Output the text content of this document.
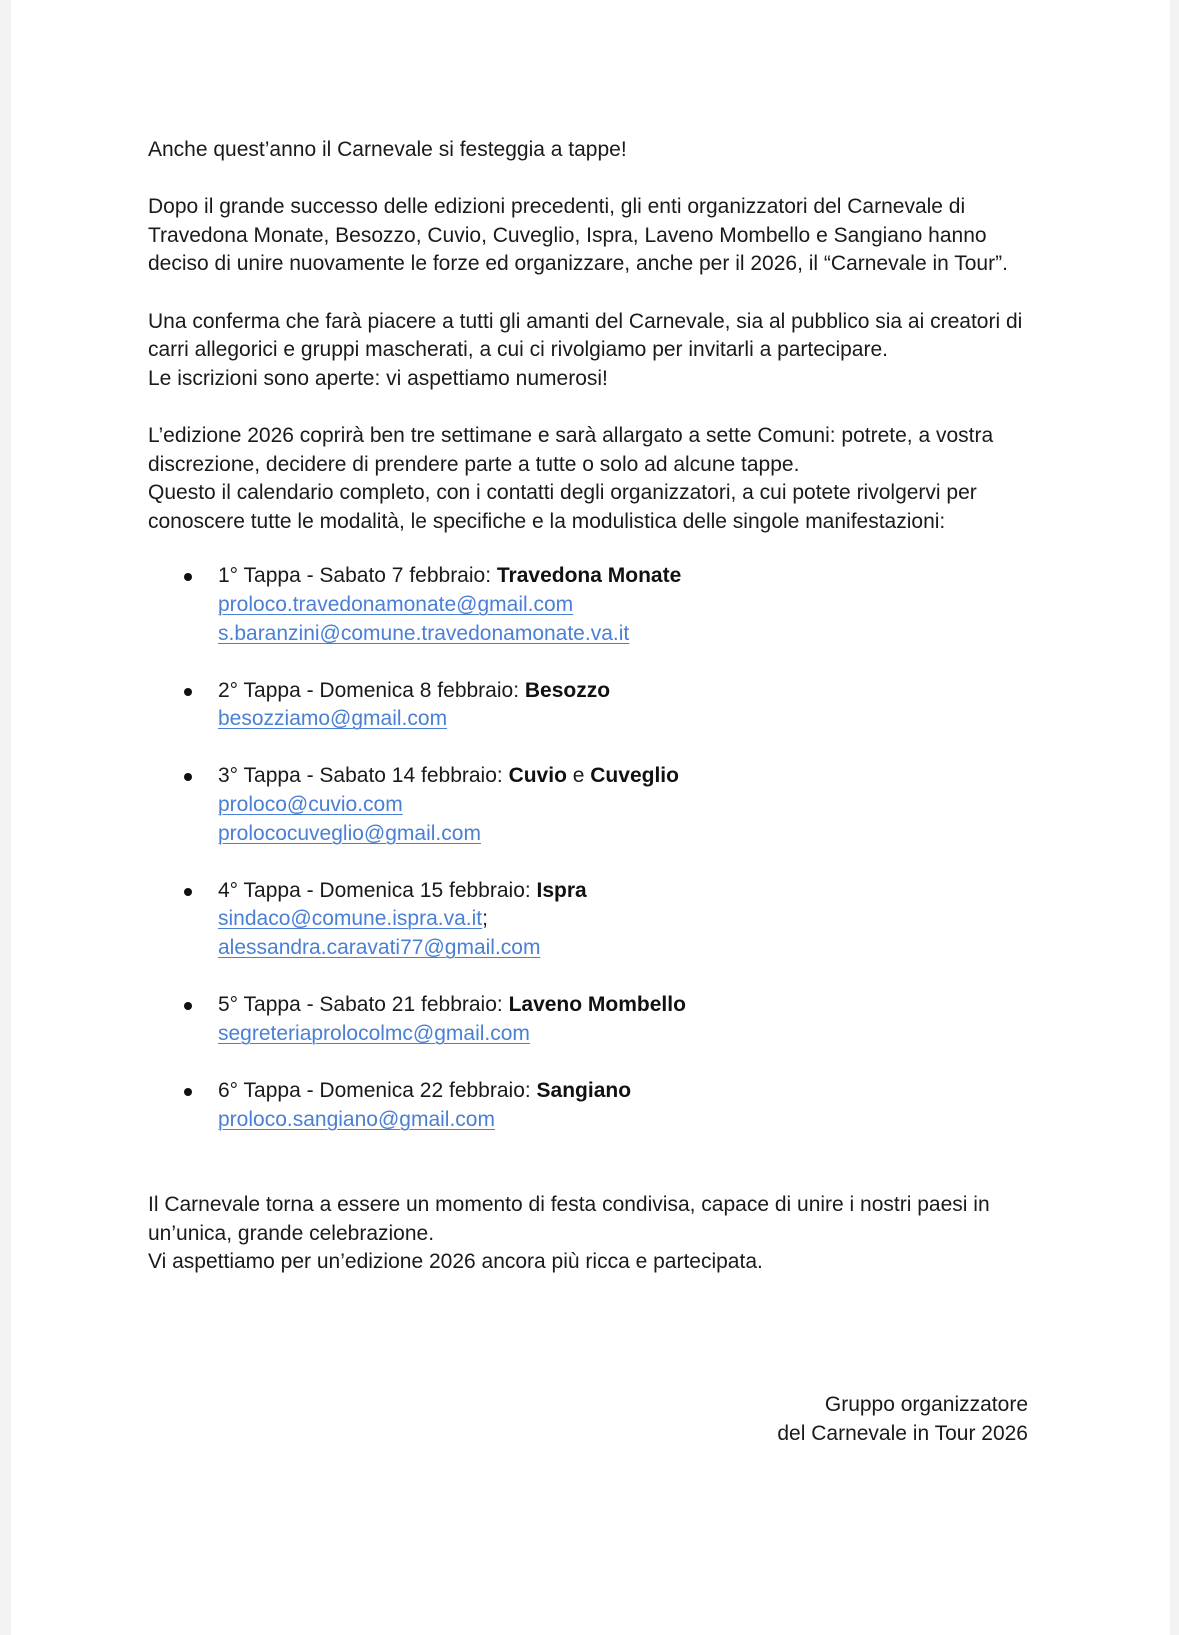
Anche quest’anno il Carnevale si festeggia a tappe!

Dopo il grande successo delle edizioni precedenti, gli enti organizzatori del Carnevale di Travedona Monate, Besozzo, Cuvio, Cuveglio, Ispra, Laveno Mombello e Sangiano hanno deciso di unire nuovamente le forze ed organizzare, anche per il 2026, il “Carnevale in Tour”.

Una conferma che farà piacere a tutti gli amanti del Carnevale, sia al pubblico sia ai creatori di carri allegorici e gruppi mascherati, a cui ci rivolgiamo per invitarli a partecipare.

Le iscrizioni sono aperte: vi aspettiamo numerosi!

L’edizione 2026 coprirà ben tre settimane e sarà allargato a sette Comuni: potrete, a vostra discrezione, decidere di prendere parte a tutte o solo ad alcune tappe.

Questo il calendario completo, con i contatti degli organizzatori, a cui potete rivolgervi per conoscere tutte le modalità, le specifiche e la modulistica delle singole manifestazioni:

1° Tappa - Sabato 7 febbraio: Travedona Monate
proloco.travedonamonate@gmail.com
s.baranzini@comune.travedonamonate.va.it
2° Tappa - Domenica 8 febbraio: Besozzo
besozziamo@gmail.com
3° Tappa - Sabato 14 febbraio: Cuvio e Cuveglio
proloco@cuvio.com
prolococuveglio@gmail.com
4° Tappa - Domenica 15 febbraio: Ispra
sindaco@comune.ispra.va.it;
alessandra.caravati77@gmail.com
5° Tappa - Sabato 21 febbraio: Laveno Mombello
segreteriaprolocolmc@gmail.com
6° Tappa - Domenica 22 febbraio: Sangiano
proloco.sangiano@gmail.com

Il Carnevale torna a essere un momento di festa condivisa, capace di unire i nostri paesi in un’unica, grande celebrazione.

Vi aspettiamo per un’edizione 2026 ancora più ricca e partecipata.

Gruppo organizzatore
del Carnevale in Tour 2026
